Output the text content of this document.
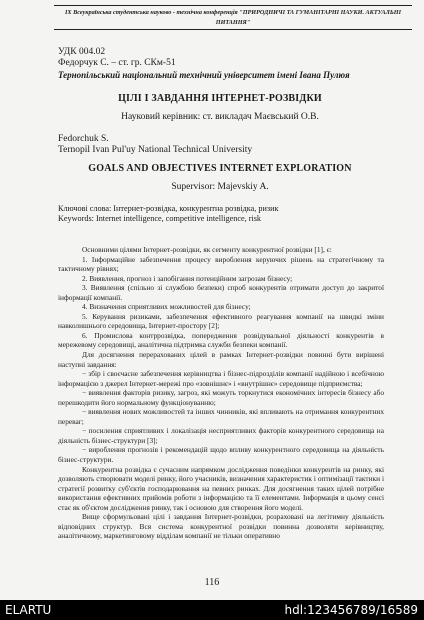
IX Всеукраїнська студентська науково - технічна конференція "ПРИРОДНИЧІ ТА ГУМАНІТАРНІ НАУКИ. АКТУАЛЬНІ ПИТАННЯ"
УДК 004.02
Федорчук С. – ст. гр. СКм-51
Тернопільський національний технічний університет імені Івана Пулюя
ЦІЛІ І ЗАВДАННЯ ІНТЕРНЕТ-РОЗВІДКИ
Науковий керівник: ст. викладач Маєвський О.В.
Fedorchuk S.
Ternopil Ivan Pul'uy National Technical University
GOALS AND OBJECTIVES INTERNET EXPLORATION
Supervisor: Majevskiy A.
Ключові слова: Інтернет-розвідка, конкурентна розвідка, ризик
Keywords: Internet intelligence, competitive intelligence, risk

Основними цілями Інтернет-розвідки, як сегменту конкурентної розвідки [1], є:

1. Інформаційне забезпечення процесу вироблення керуючих рішень на стратегічному та тактичному рівнях;

2. Виявлення, прогноз і запобігання потенційним загрозам бізнесу;

3. Виявлення (спільно зі службою безпеки) спроб конкурентів отримати доступ до закритої інформації компанії.

4. Визначення сприятливих можливостей для бізнесу;

5. Керування ризиками, забезпечення ефективного реагування компанії на швидкі зміни навколишнього середовища, Інтернет-простору [2];

6. Промислова контррозвідка, попередження розвідувальної діяльності конкурентів в мережевому середовищі, аналітична підтримка служби безпеки компанії.

Для досягнення перерахованих цілей в рамках Інтернет-розвідки повинні бути вирішені наступні завдання:

− збір і своєчасне забезпечення керівництва і бізнес-підрозділів компанії надійною і всебічною інформацією з джерел Інтернет-мережі про «зовнішнє» і «внутрішнє» середовище підприємства;

− виявлення факторів ризику, загроз, які можуть торкнутися економічних інтересів бізнесу або перешкодити його нормальному функціонуванню;

− виявлення нових можливостей та інших чинників, які впливають на отримання конкурентних переваг;

− посилення сприятливих і локалізація несприятливих факторів конкурентного середовища на діяльність бізнес-структури [3];

− вироблення прогнозів і рекомендацій щодо впливу конкурентного середовища на діяльність бізнес-структури.

Конкурентна розвідка є сучасним напрямком дослідження поведінки конкурентів на ринку, які дозволяють створювати моделі ринку, його учасників, визначення характеристик і оптимізації тактики і стратегії розвитку суб'єктів господарювання на певних ринках. Для досягнення таких цілей потрібне використання ефективних прийомів роботи з інформацією та її елементами. Інформація в цьому сенсі стає як об'єктом дослідження ринку, так і основою для створення його моделі.

Вище сформульовані цілі і завдання Інтернет-розвідки, розраховані на легітимну діяльність відповідних структур. Вся система конкурентної розвідки повинна дозволяти керівництву, аналітичному, маркетинговому відділам компанії не тільки оперативно

116
ELARTU	hdl:123456789/16589
